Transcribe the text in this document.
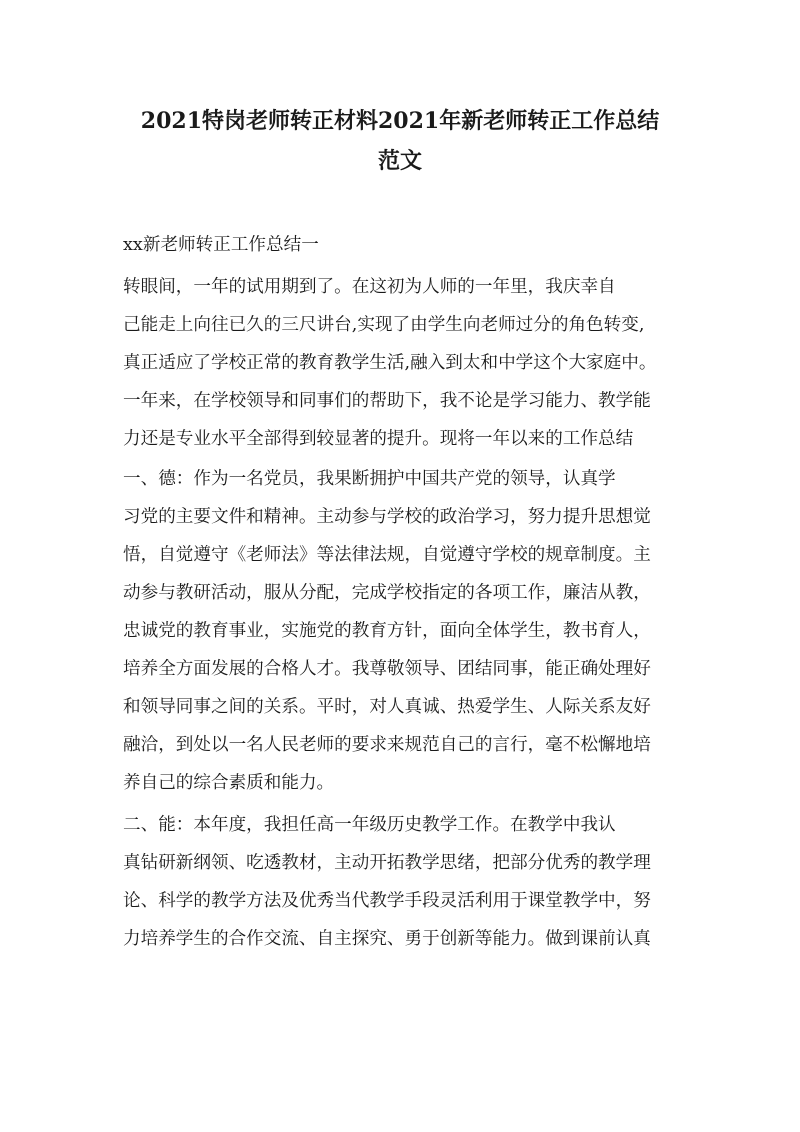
2021特岗老师转正材料2021年新老师转正工作总结
范文

xx新老师转正工作总结一

转眼间，一年的试用期到了。在这初为人师的一年里，我庆幸自

己能走上向往已久的三尺讲台,实现了由学生向老师过分的角色转变,

真正适应了学校正常的教育教学生活,融入到太和中学这个大家庭中。

一年来，在学校领导和同事们的帮助下，我不论是学习能力、教学能

力还是专业水平全部得到较显著的提升。现将一年以来的工作总结

一、德：作为一名党员，我果断拥护中国共产党的领导，认真学

习党的主要文件和精神。主动参与学校的政治学习，努力提升思想觉

悟，自觉遵守《老师法》等法律法规，自觉遵守学校的规章制度。主

动参与教研活动，服从分配，完成学校指定的各项工作，廉洁从教，

忠诚党的教育事业，实施党的教育方针，面向全体学生，教书育人，

培养全方面发展的合格人才。我尊敬领导、团结同事，能正确处理好

和领导同事之间的关系。平时，对人真诚、热爱学生、人际关系友好

融洽，到处以一名人民老师的要求来规范自己的言行，毫不松懈地培

养自己的综合素质和能力。

二、能：本年度，我担任高一年级历史教学工作。在教学中我认

真钻研新纲领、吃透教材，主动开拓教学思绪，把部分优秀的教学理

论、科学的教学方法及优秀当代教学手段灵活利用于课堂教学中，努

力培养学生的合作交流、自主探究、勇于创新等能力。做到课前认真
